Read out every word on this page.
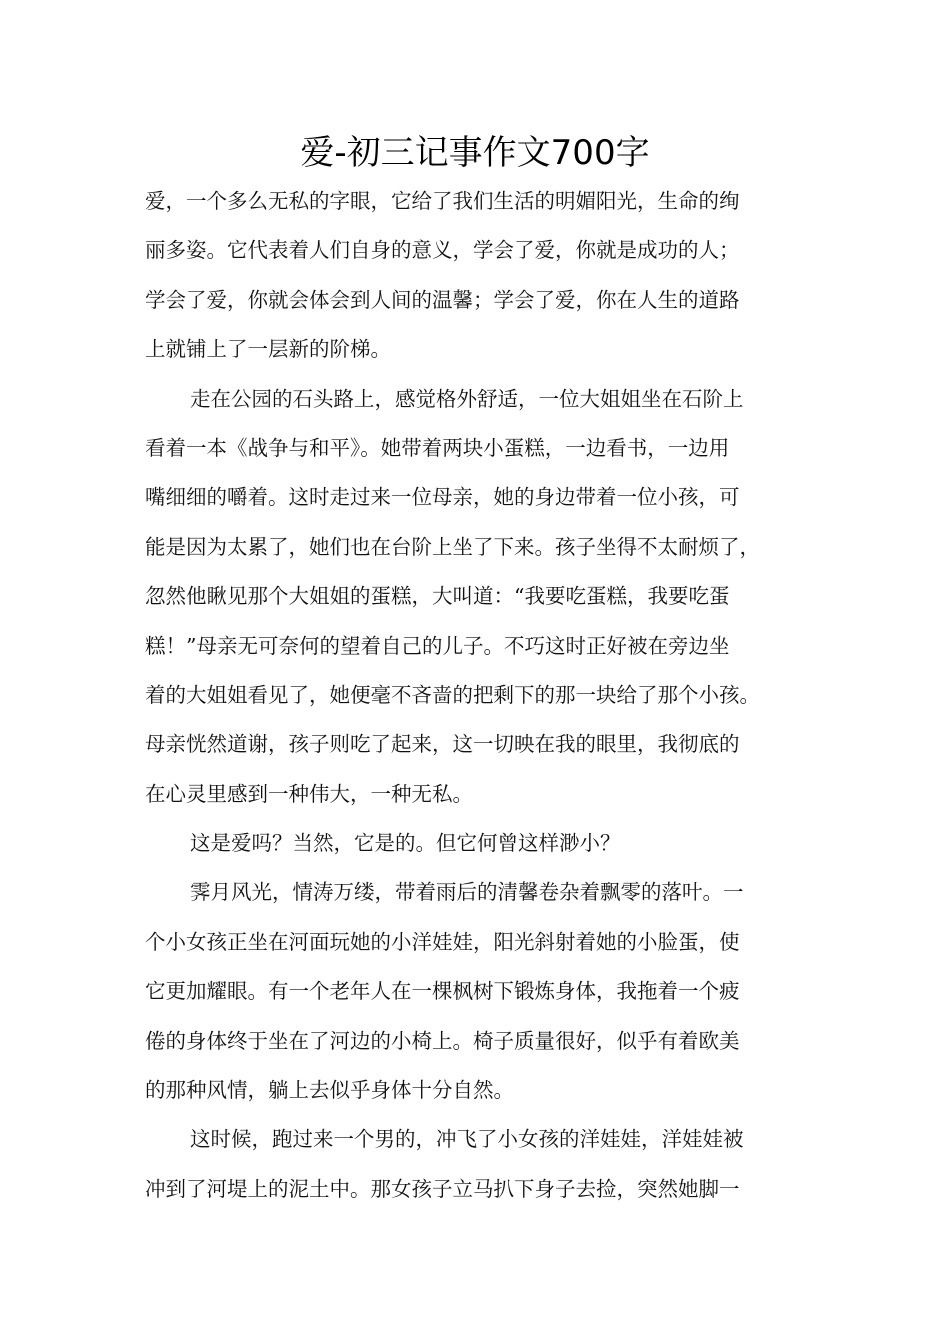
爱-初三记事作文700字
爱，一个多么无私的字眼，它给了我们生活的明媚阳光，生命的绚
丽多姿。它代表着人们自身的意义，学会了爱，你就是成功的人；
学会了爱，你就会体会到人间的温馨；学会了爱，你在人生的道路
上就铺上了一层新的阶梯。
走在公园的石头路上，感觉格外舒适，一位大姐姐坐在石阶上
看着一本《战争与和平》。她带着两块小蛋糕，一边看书，一边用
嘴细细的嚼着。这时走过来一位母亲，她的身边带着一位小孩，可
能是因为太累了，她们也在台阶上坐了下来。孩子坐得不太耐烦了，
忽然他瞅见那个大姐姐的蛋糕，大叫道：“我要吃蛋糕，我要吃蛋
糕！”母亲无可奈何的望着自己的儿子。不巧这时正好被在旁边坐
着的大姐姐看见了，她便毫不吝啬的把剩下的那一块给了那个小孩。
母亲恍然道谢，孩子则吃了起来，这一切映在我的眼里，我彻底的
在心灵里感到一种伟大，一种无私。
这是爱吗？当然，它是的。但它何曾这样渺小？
霁月风光，情涛万缕，带着雨后的清馨卷杂着飘零的落叶。一
个小女孩正坐在河面玩她的小洋娃娃，阳光斜射着她的小脸蛋，使
它更加耀眼。有一个老年人在一棵枫树下锻炼身体，我拖着一个疲
倦的身体终于坐在了河边的小椅上。椅子质量很好，似乎有着欧美
的那种风情，躺上去似乎身体十分自然。
这时候，跑过来一个男的，冲飞了小女孩的洋娃娃，洋娃娃被
冲到了河堤上的泥土中。那女孩子立马扒下身子去捡，突然她脚一
